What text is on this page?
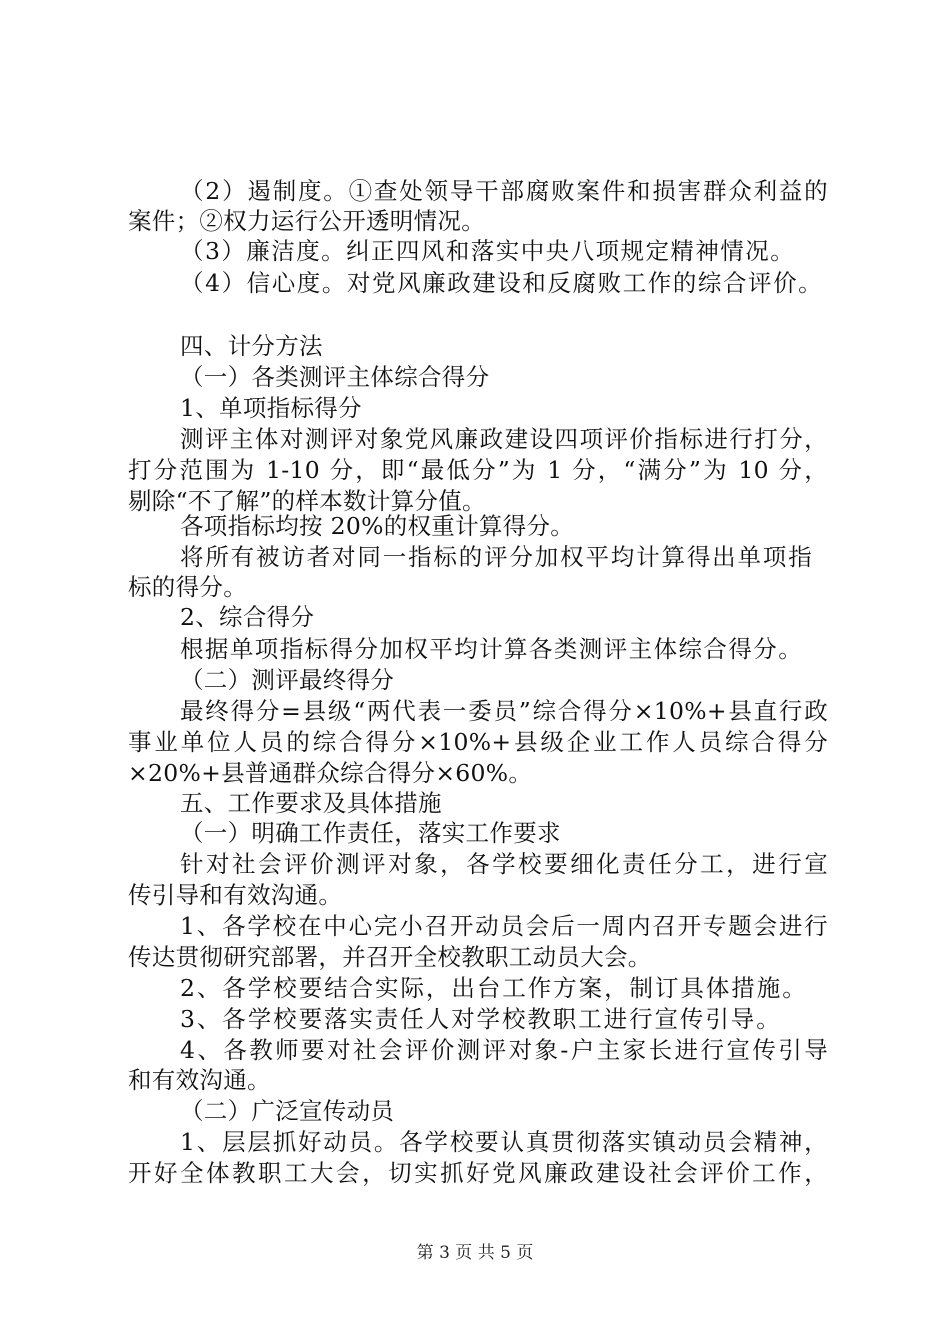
（2）遏制度。①查处领导干部腐败案件和损害群众利益的

案件；②权力运行公开透明情况。

（3）廉洁度。纠正四风和落实中央八项规定精神情况。

（4）信心度。对党风廉政建设和反腐败工作的综合评价。

四、计分方法

（一）各类测评主体综合得分

1、单项指标得分

测评主体对测评对象党风廉政建设四项评价指标进行打分，

打分范围为 1-10 分，即“最低分”为 1 分，“满分”为 10 分，

剔除“不了解”的样本数计算分值。

各项指标均按 20%的权重计算得分。

将所有被访者对同一指标的评分加权平均计算得出单项指

标的得分。

2、综合得分

根据单项指标得分加权平均计算各类测评主体综合得分。

（二）测评最终得分

最终得分=县级“两代表一委员”综合得分×10%+县直行政

事业单位人员的综合得分×10%+县级企业工作人员综合得分

×20%+县普通群众综合得分×60%。

五、工作要求及具体措施

（一）明确工作责任，落实工作要求

针对社会评价测评对象，各学校要细化责任分工，进行宣

传引导和有效沟通。

1、各学校在中心完小召开动员会后一周内召开专题会进行

传达贯彻研究部署，并召开全校教职工动员大会。

2、各学校要结合实际，出台工作方案，制订具体措施。

3、各学校要落实责任人对学校教职工进行宣传引导。

4、各教师要对社会评价测评对象-户主家长进行宣传引导

和有效沟通。

（二）广泛宣传动员

1、层层抓好动员。各学校要认真贯彻落实镇动员会精神，

开好全体教职工大会，切实抓好党风廉政建设社会评价工作，

第 3 页 共 5 页
